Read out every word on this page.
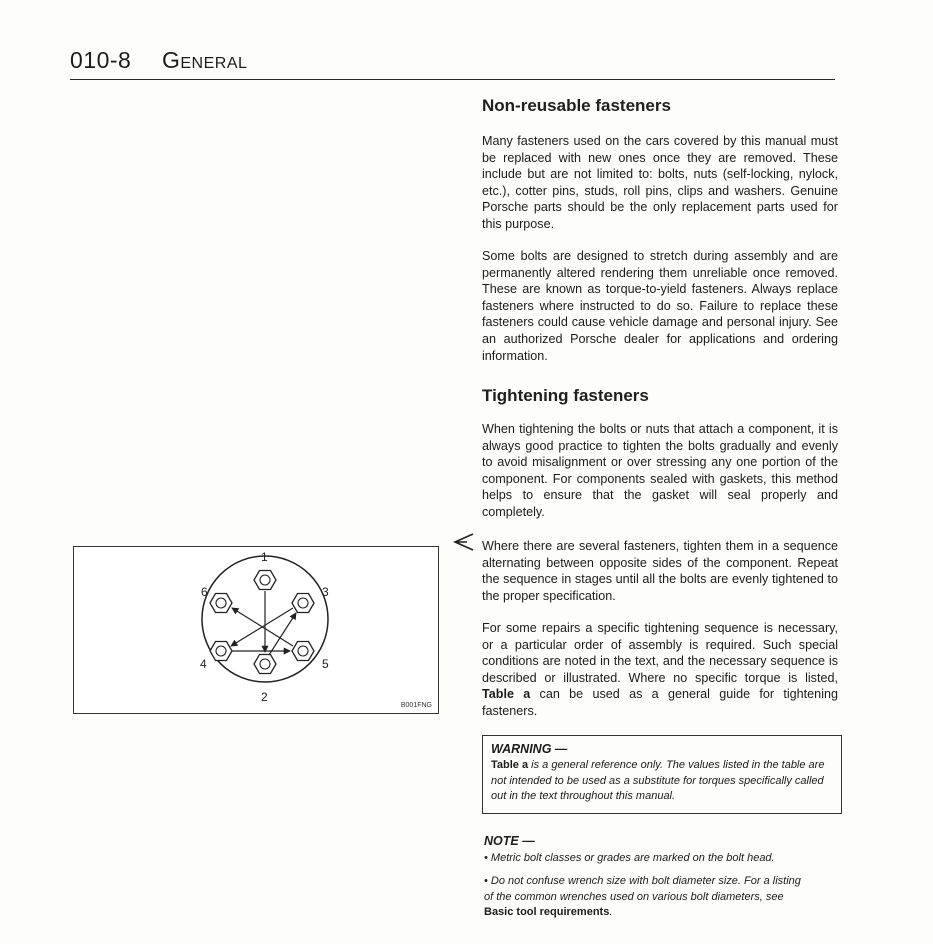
010-8 General
Non-reusable fasteners

Many fasteners used on the cars covered by this manual must be replaced with new ones once they are removed. These include but are not limited to: bolts, nuts (self-locking, nylock, etc.), cotter pins, studs, roll pins, clips and washers. Genuine Porsche parts should be the only replacement parts used for this purpose.

Some bolts are designed to stretch during assembly and are permanently altered rendering them unreliable once removed. These are known as torque-to-yield fasteners. Always replace fasteners where instructed to do so. Failure to replace these fasteners could cause vehicle damage and personal injury. See an authorized Porsche dealer for applications and ordering information.

Tightening fasteners

When tightening the bolts or nuts that attach a component, it is always good practice to tighten the bolts gradually and evenly to avoid misalignment or over stressing any one portion of the component. For components sealed with gaskets, this method helps to ensure that the gasket will seal properly and completely.

Where there are several fasteners, tighten them in a sequence alternating between opposite sides of the component. Repeat the sequence in stages until all the bolts are evenly tightened to the proper specification.

For some repairs a specific tightening sequence is necessary, or a particular order of assembly is required. Such special conditions are noted in the text, and the necessary sequence is described or illustrated. Where no specific torque is listed, Table a can be used as a general guide for tightening fasteners.

1
2
3
4	5
6
B001FNG
WARNING —
Table a is a general reference only. The values listed in the table are not intended to be used as a substitute for torques specifically called out in the text throughout this manual.
NOTE —
• Metric bolt classes or grades are marked on the bolt head.
• Do not confuse wrench size with bolt diameter size. For a listing of the common wrenches used on various bolt diameters, see Basic tool requirements.
